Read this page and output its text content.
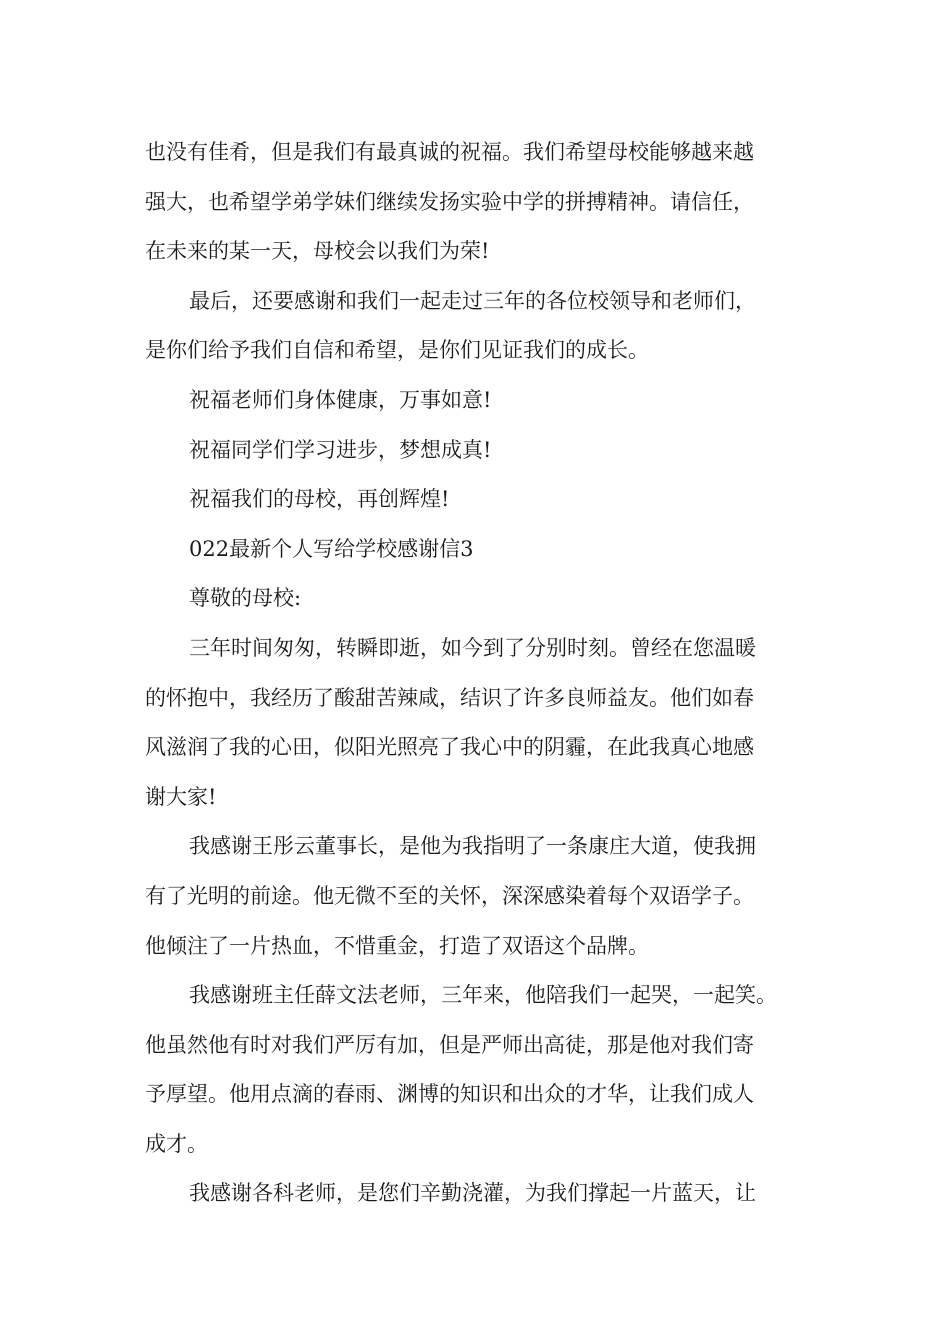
也没有佳肴，但是我们有最真诚的祝福。我们希望母校能够越来越
强大，也希望学弟学妹们继续发扬实验中学的拼搏精神。请信任，
在未来的某一天，母校会以我们为荣!
最后，还要感谢和我们一起走过三年的各位校领导和老师们，
是你们给予我们自信和希望，是你们见证我们的成长。
祝福老师们身体健康，万事如意!
祝福同学们学习进步，梦想成真!
祝福我们的母校，再创辉煌!
022最新个人写给学校感谢信3
尊敬的母校:
三年时间匆匆，转瞬即逝，如今到了分别时刻。曾经在您温暖
的怀抱中，我经历了酸甜苦辣咸，结识了许多良师益友。他们如春
风滋润了我的心田，似阳光照亮了我心中的阴霾，在此我真心地感
谢大家!
我感谢王彤云董事长，是他为我指明了一条康庄大道，使我拥
有了光明的前途。他无微不至的关怀，深深感染着每个双语学子。
他倾注了一片热血，不惜重金，打造了双语这个品牌。
我感谢班主任薛文法老师，三年来，他陪我们一起哭，一起笑。
他虽然他有时对我们严厉有加，但是严师出高徒，那是他对我们寄
予厚望。他用点滴的春雨、渊博的知识和出众的才华，让我们成人
成才。
我感谢各科老师，是您们辛勤浇灌，为我们撑起一片蓝天，让
